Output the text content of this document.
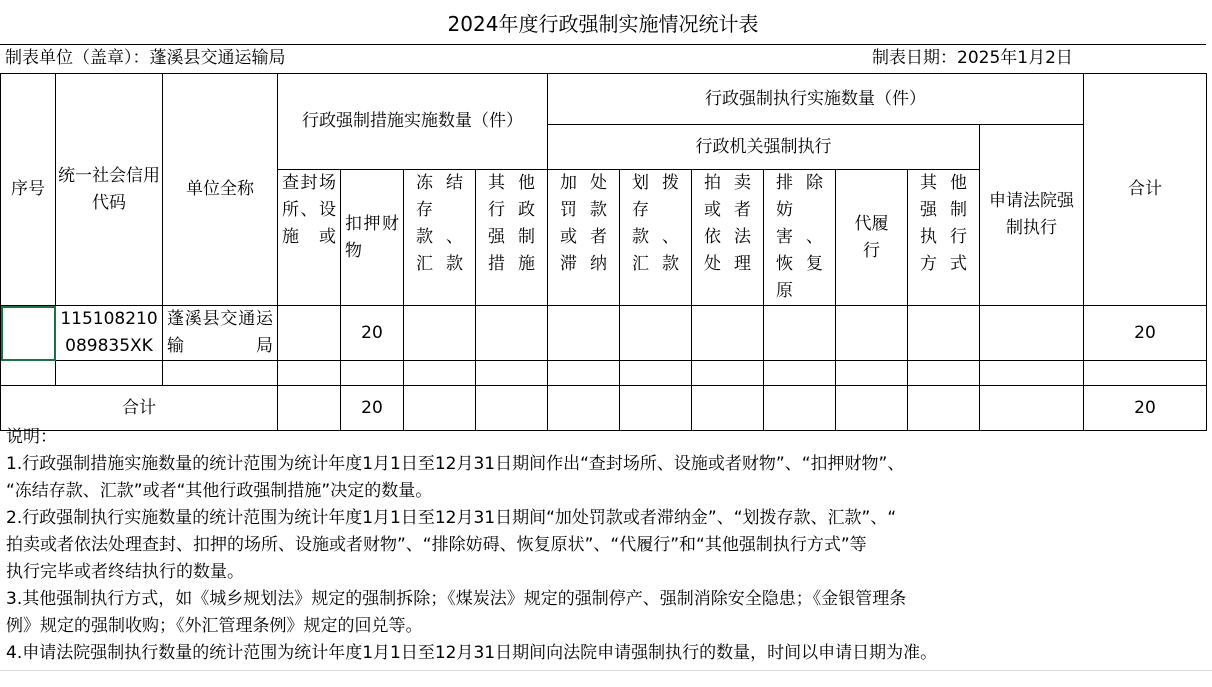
2024年度行政强制实施情况统计表
制表单位（盖章）：蓬溪县交通运输局	制表日期：2025年1月2日
序号	统一社会信用代码	单位全称	行政强制措施实施数量（件）				行政强制执行实施数量（件）							合计

							行政机关强制执行						申请法院强制执行	

			查封场所、设施或	扣押财物	冻结存款、汇款	其他行政强制措施	加处罚款或者滞纳	划拨存款、汇款	拍卖或者依法处理	排除妨害、恢复原	代履行	其他强制执行方式		

	115108210089835XK	蓬溪县交通运输局		20										20

合计				20										20
说明：
1.行政强制措施实施数量的统计范围为统计年度1月1日至12月31日期间作出“查封场所、设施或者财物”、“扣押财物”、
“冻结存款、汇款”或者“其他行政强制措施”决定的数量。
2.行政强制执行实施数量的统计范围为统计年度1月1日至12月31日期间“加处罚款或者滞纳金”、“划拨存款、汇款”、“
拍卖或者依法处理查封、扣押的场所、设施或者财物”、“排除妨碍、恢复原状”、“代履行”和“其他强制执行方式”等
执行完毕或者终结执行的数量。
3.其他强制执行方式，如《城乡规划法》规定的强制拆除；《煤炭法》规定的强制停产、强制消除安全隐患；《金银管理条
例》规定的强制收购；《外汇管理条例》规定的回兑等。
4.申请法院强制执行数量的统计范围为统计年度1月1日至12月31日期间向法院申请强制执行的数量，时间以申请日期为准。
